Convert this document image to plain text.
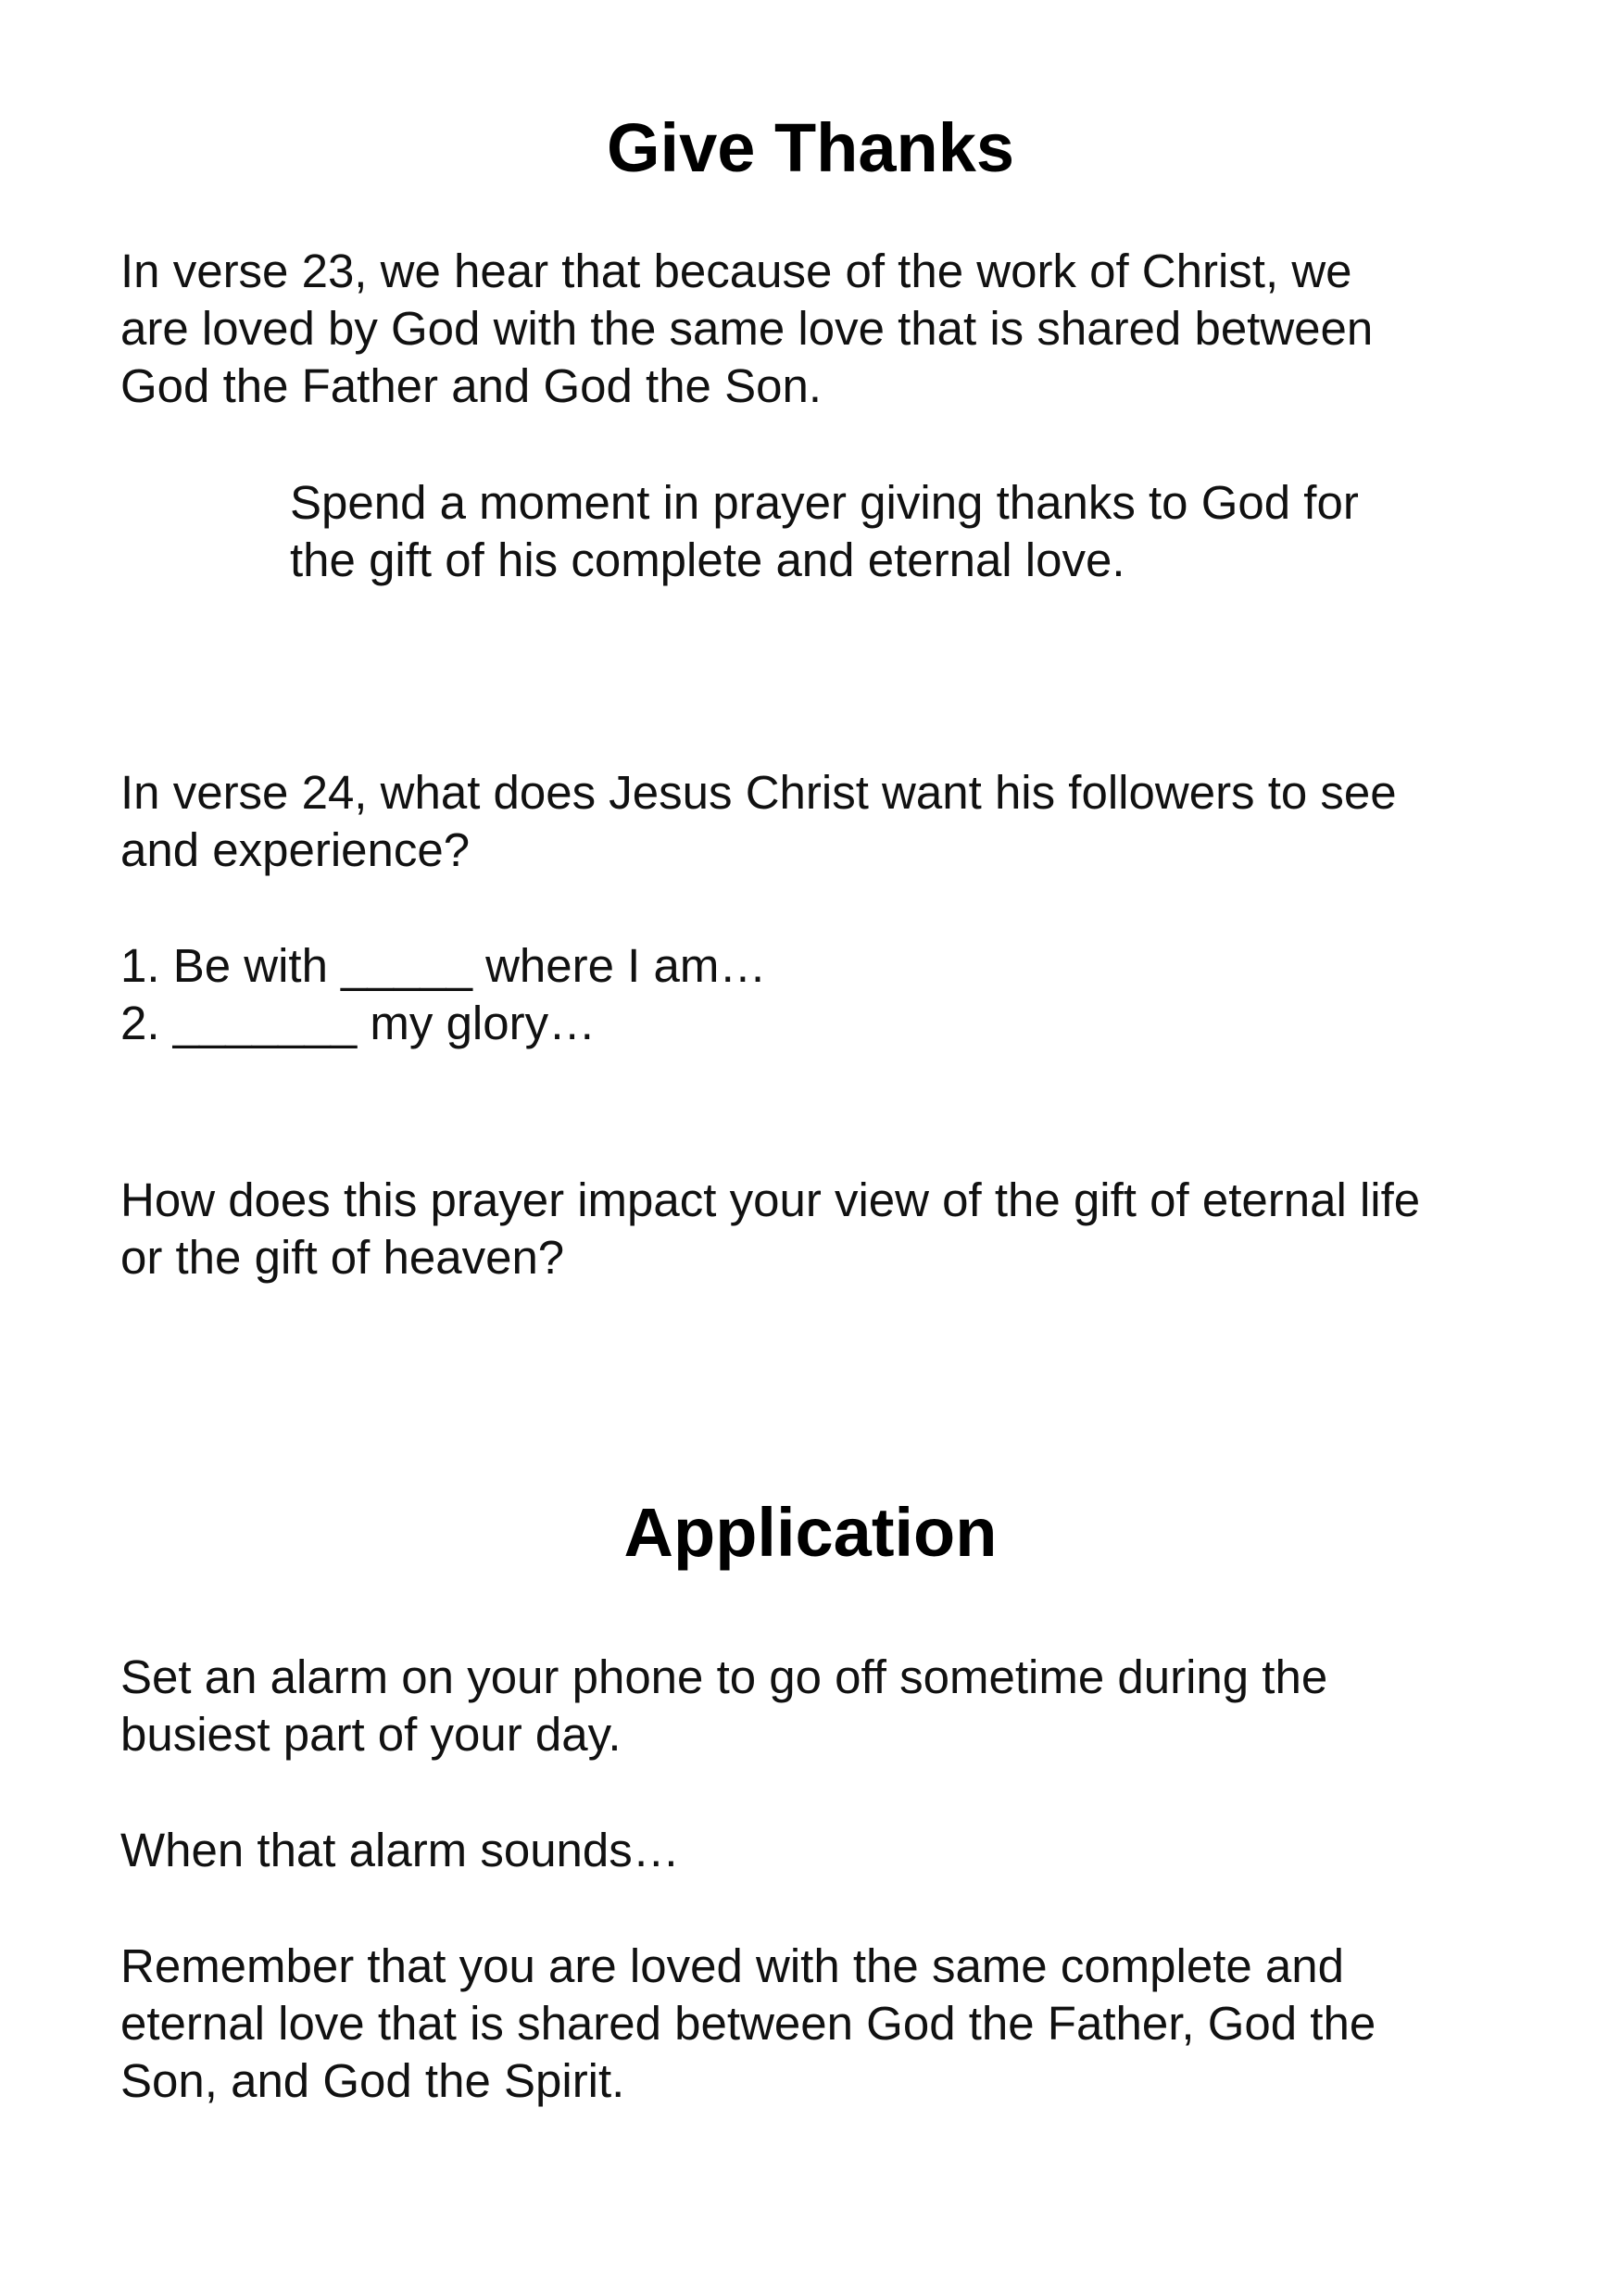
Give Thanks

In verse 23, we hear that because of the work of Christ, we
are loved by God with the same love that is shared between
God the Father and God the Son.

Spend a moment in prayer giving thanks to God for
the gift of his complete and eternal love.

In verse 24, what does Jesus Christ want his followers to see
and experience?

1. Be with _____ where I am…

2. _______ my glory…

How does this prayer impact your view of the gift of eternal life
or the gift of heaven?

Application

Set an alarm on your phone to go off sometime during the
busiest part of your day.

When that alarm sounds…

Remember that you are loved with the same complete and
eternal love that is shared between God the Father, God the
Son, and God the Spirit.
